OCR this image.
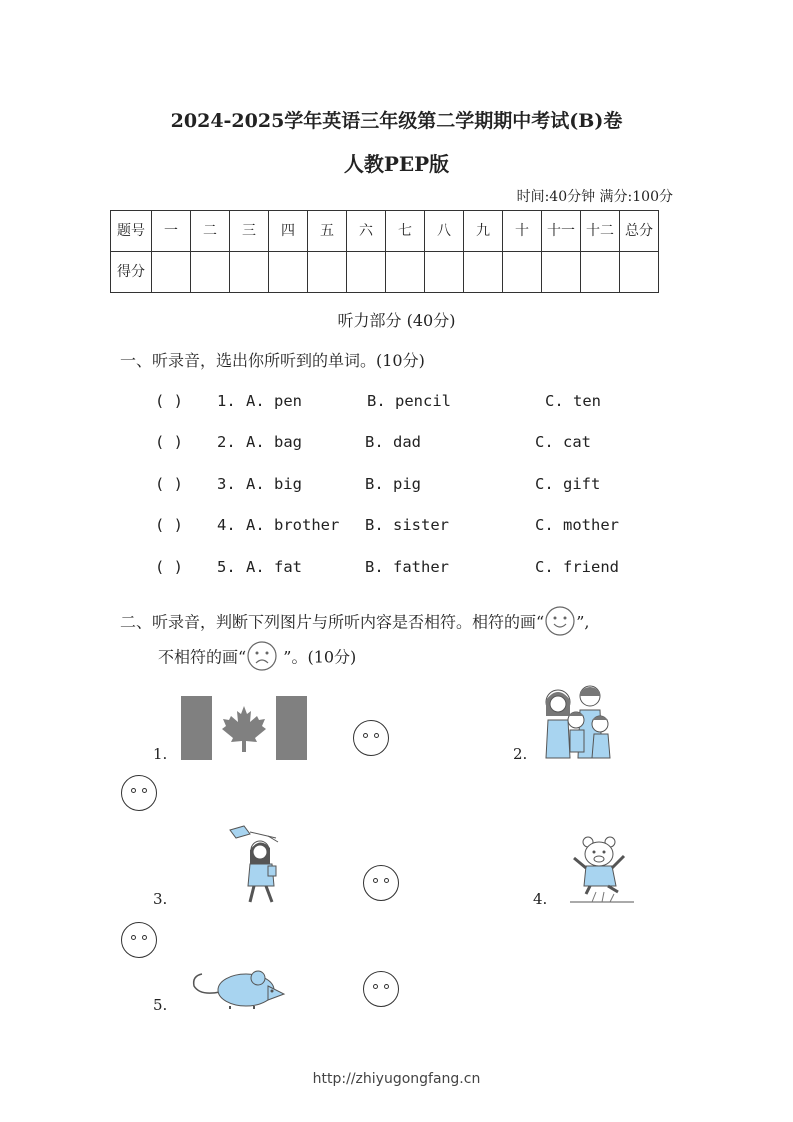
2024-2025学年英语三年级第二学期期中考试(B)卷
人教PEP版
时间:40分钟 满分:100分
题号	一	二	三	四	五	六	七	八	九	十	十一	十二	总分
得分													
听力部分 (40分)
一、听录音，选出你所听到的单词。(10分)
( ) 1. A. pen	B. pencil	C. ten
( ) 2. A. bag	B. dad	C. cat
( ) 3. A. big	B. pig	C. gift
( ) 4. A. brother B. sister	C. mother
( ) 5. A. fat	B. father	C. friend
二、听录音，判断下列图片与所听内容是否相符。相符的画“ ”,
不相符的画“ ”。(10分)
1.	2.
3.	4.
5.
http://zhiyugongfang.cn
